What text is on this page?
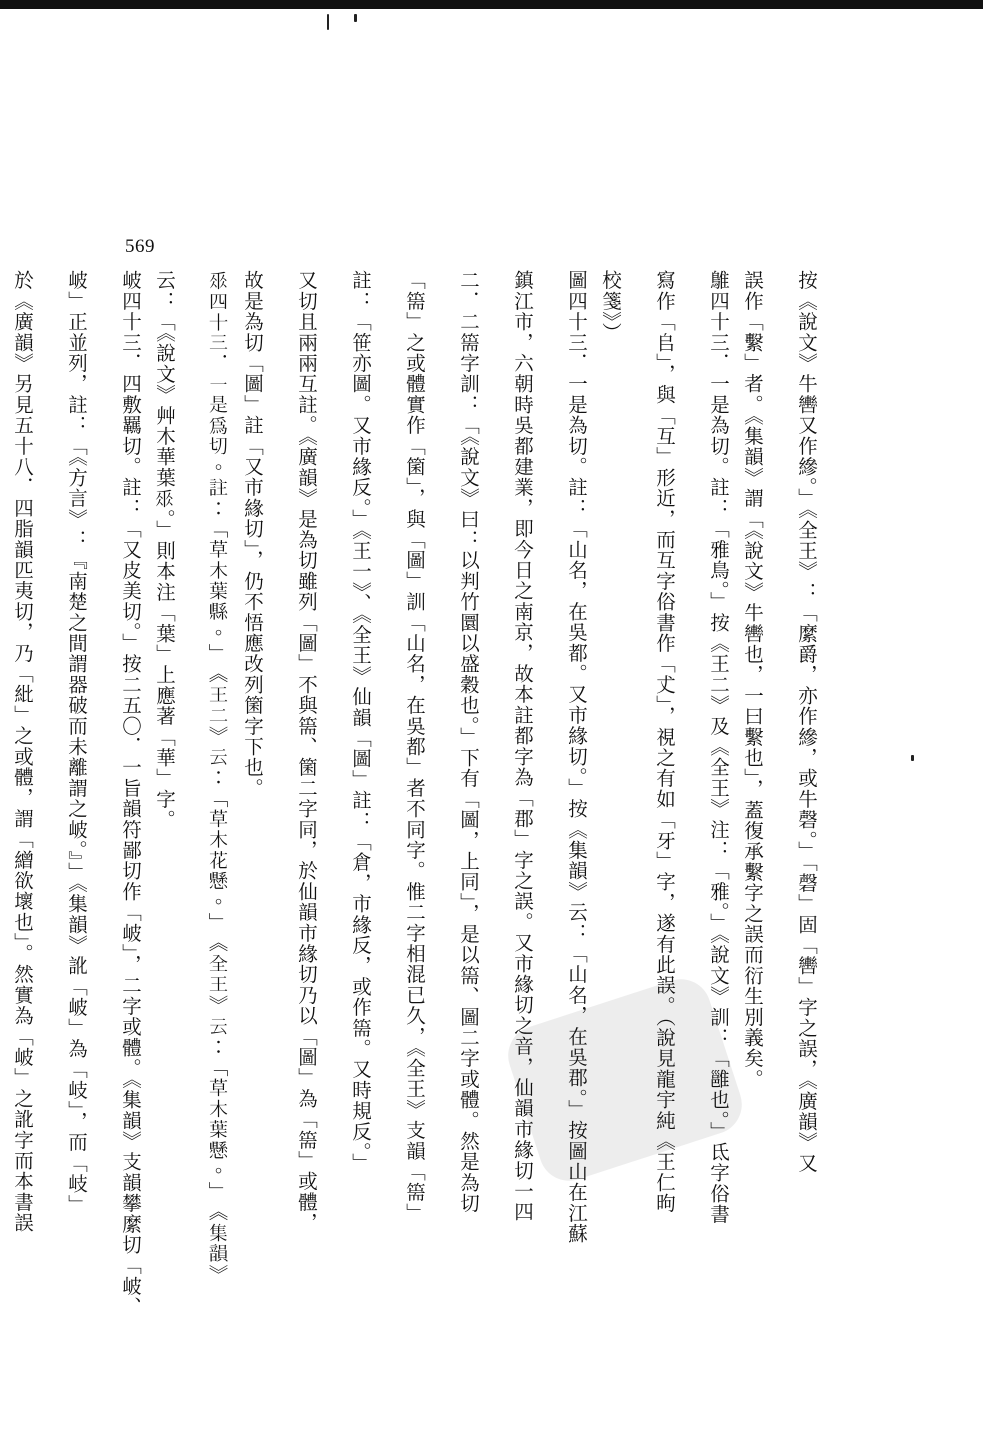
569
按《說文》牛轡又作縿。」《全王》：「縻爵，亦作縿，或牛磬。」「磬」固「轡」字之誤，《廣韻》又
誤作「繫」者。《集韻》謂「《說文》牛轡也，一曰繫也」，蓋復承繫字之誤而衍生別義矣。
鵻四十三．一是為切。註：「雅鳥。」按《王二》及《全王》注：「雅。」《說文》訓：「雝也。」氐字俗書
寫作「𠂤」，與「互」形近，而互字俗書作「𠀋」，視之有如「牙」字，遂有此誤。（說見龍宇純《王仁昫
校箋》）
圖四十三．一是為切。註：「山名，在吳都。又市緣切。」按《集韻》云：「山名，在吳郡。」按圖山在江蘇
鎮江市，六朝時吳都建業，即今日之南京，故本註都字為「郡」字之誤。又市緣切之音，仙韻市緣切一四
二．二篅字訓：「《說文》曰：以判竹圜以盛穀也。」下有「圖，上同」，是以篅、圖二字或體。然是為切
「篅」之或體實作「箘」，與「圖」訓「山名，在吳都」者不同字。惟二字相混已久，《全王》支韻「篅」
註：「笹亦圖。又市緣反。」《王一》、《全王》仙韻「圖」註：「倉，市緣反，或作篅。又時規反。」
又切且兩兩互註。《廣韻》是為切雖列「圖」不與篅、箘二字同，於仙韻市緣切乃以「圖」為「篅」或體，
故是為切「圖」註「又市緣切」，仍不悟應改列箘字下也。
𠂹四十三．一是為切。註：「草木葉縣。」《王二》云：「草木花懸。」《全王》云：「草木葉懸。」《集韻》
云：「《說文》艸木華葉𠂹。」則本注「葉」上應著「華」字。
岥四十三．四敷羈切。註：「又皮美切。」按二五〇．一旨韻符鄙切作「岥」，二字或體。《集韻》支韻攀縻切「岥、
岥」正並列，註：「《方言》：『南楚之間謂器破而未離謂之岥。』」《集韻》訛「岥」為「岐」，而「岐」
於《廣韻》另見五十八．四脂韻匹夷切，乃「紕」之或體，謂「繒欲壞也」。然實為「岥」之訛字而本書誤
